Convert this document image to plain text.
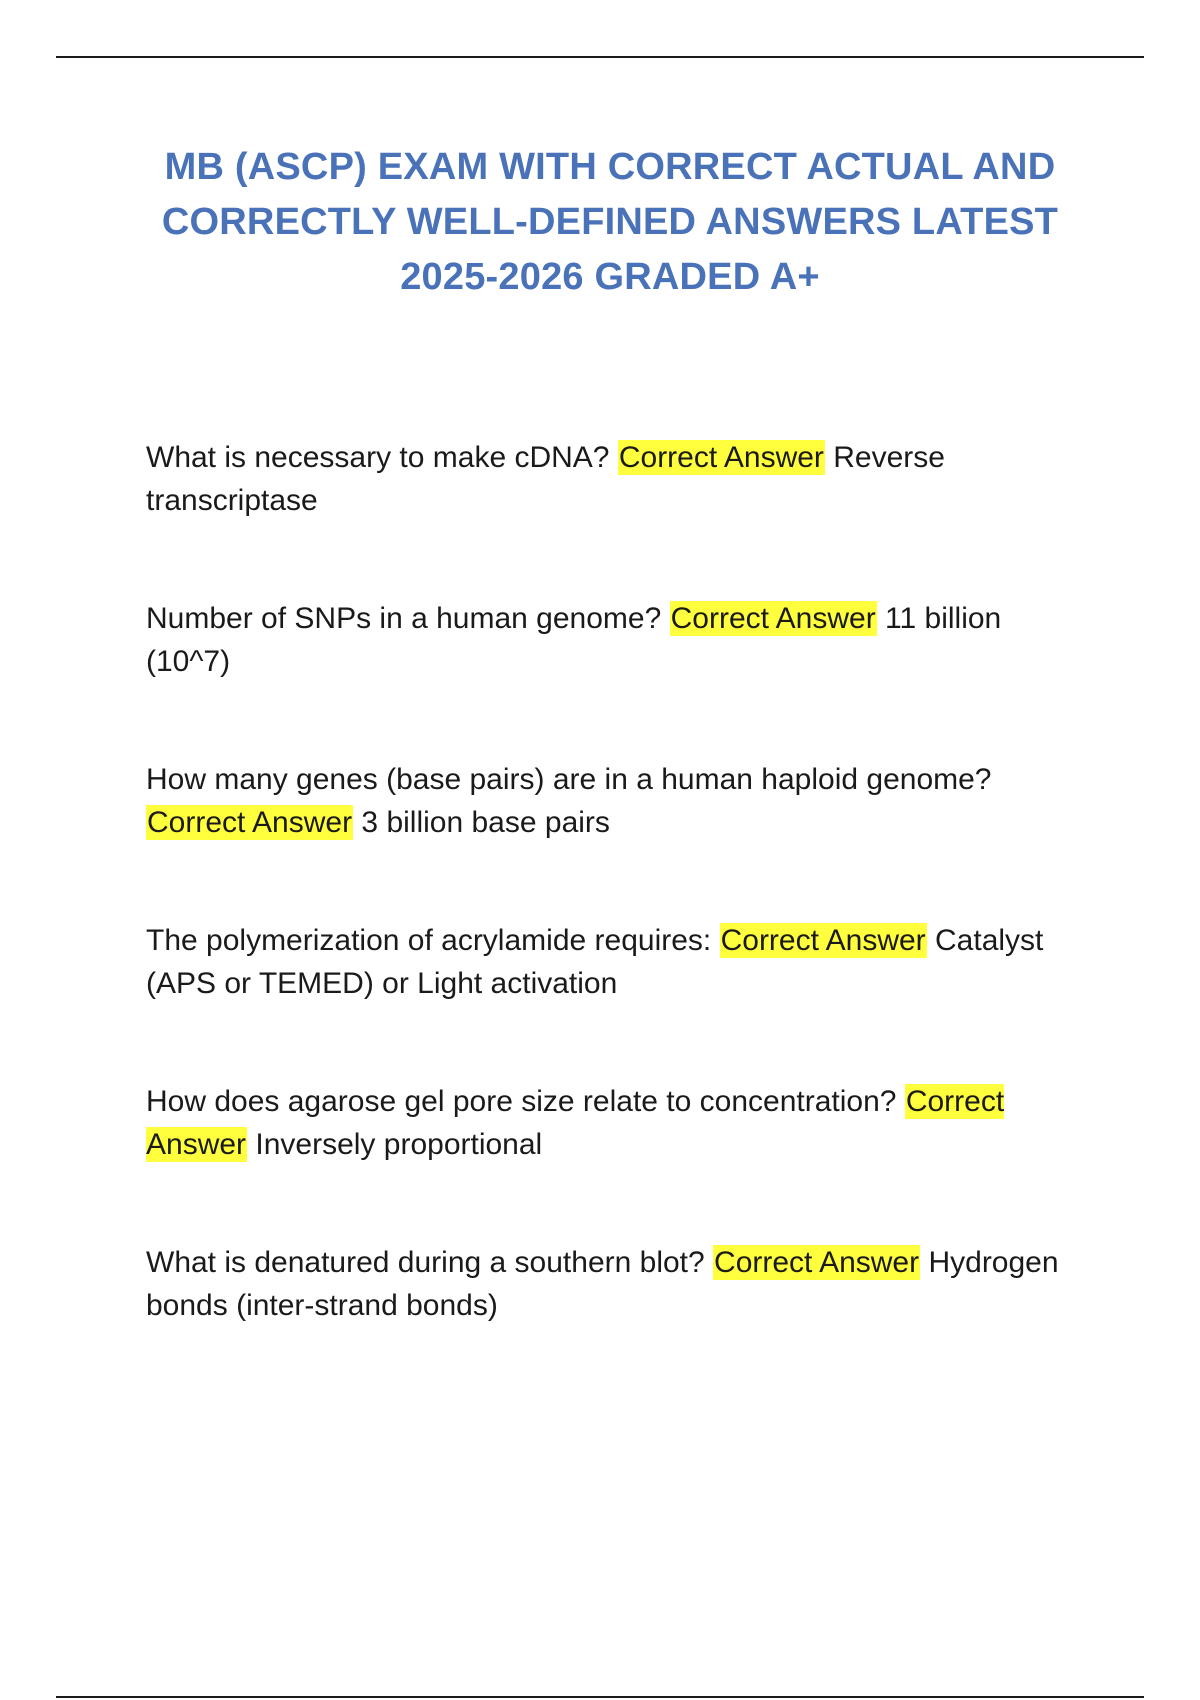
MB (ASCP) EXAM WITH CORRECT ACTUAL AND
CORRECTLY WELL-DEFINED ANSWERS LATEST
2025-2026 GRADED A+
What is necessary to make cDNA? Correct Answer Reverse transcriptase
Number of SNPs in a human genome? Correct Answer 11 billion (10^7)
How many genes (base pairs) are in a human haploid genome? Correct Answer 3 billion base pairs
The polymerization of acrylamide requires: Correct Answer Catalyst (APS or TEMED) or Light activation
How does agarose gel pore size relate to concentration? Correct Answer Inversely proportional
What is denatured during a southern blot? Correct Answer Hydrogen bonds (inter-strand bonds)
